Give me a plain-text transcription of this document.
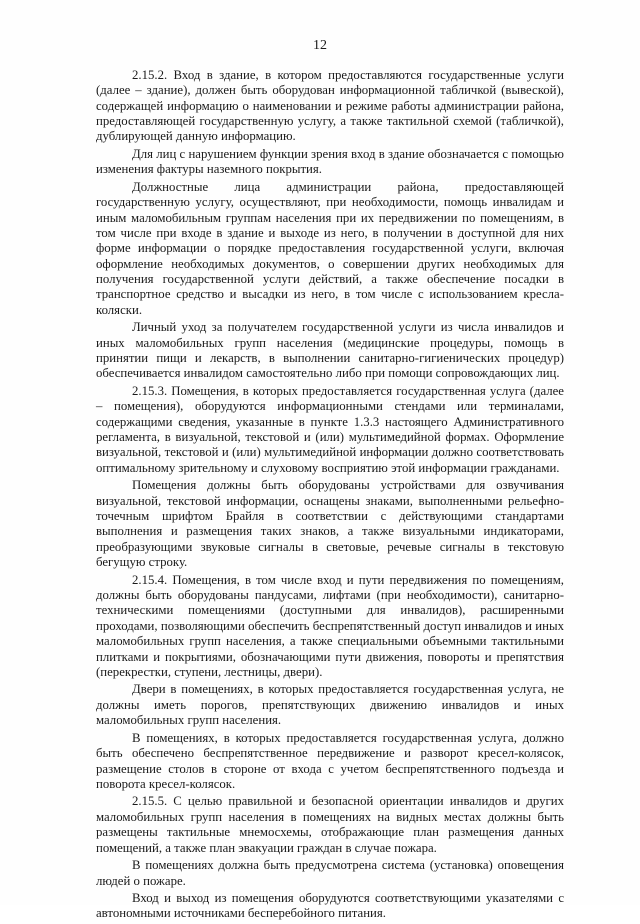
12

2.15.2. Вход в здание, в котором предоставляются государственные услуги (далее – здание), должен быть оборудован информационной табличкой (вывеской), содержащей информацию о наименовании и режиме работы администрации района, предоставляющей государственную услугу, а также тактильной схемой (табличкой), дублирующей данную информацию.

Для лиц с нарушением функции зрения вход в здание обозначается с помощью изменения фактуры наземного покрытия.

Должностные лица администрации района, предоставляющей государственную услугу, осуществляют, при необходимости, помощь инвалидам и иным маломобильным группам населения при их передвижении по помещениям, в том числе при входе в здание и выходе из него, в получении в доступной для них форме информации о порядке предоставления государственной услуги, включая оформление необходимых документов, о совершении других необходимых для получения государственной услуги действий, а также обеспечение посадки в транспортное средство и высадки из него, в том числе с использованием кресла-коляски.

Личный уход за получателем государственной услуги из числа инвалидов и иных маломобильных групп населения (медицинские процедуры, помощь в принятии пищи и лекарств, в выполнении санитарно-гигиенических процедур) обеспечивается инвалидом самостоятельно либо при помощи сопровождающих лиц.

2.15.3. Помещения, в которых предоставляется государственная услуга (далее – помещения), оборудуются информационными стендами или терминалами, содержащими сведения, указанные в пункте 1.3.3 настоящего Административного регламента, в визуальной, текстовой и (или) мультимедийной формах. Оформление визуальной, текстовой и (или) мультимедийной информации должно соответствовать оптимальному зрительному и слуховому восприятию этой информации гражданами.

Помещения должны быть оборудованы устройствами для озвучивания визуальной, текстовой информации, оснащены знаками, выполненными рельефно-точечным шрифтом Брайля в соответствии с действующими стандартами выполнения и размещения таких знаков, а также визуальными индикаторами, преобразующими звуковые сигналы в световые, речевые сигналы в текстовую бегущую строку.

2.15.4. Помещения, в том числе вход и пути передвижения по помещениям, должны быть оборудованы пандусами, лифтами (при необходимости), санитарно-техническими помещениями (доступными для инвалидов), расширенными проходами, позволяющими обеспечить беспрепятственный доступ инвалидов и иных маломобильных групп населения, а также специальными объемными тактильными плитками и покрытиями, обозначающими пути движения, повороты и препятствия (перекрестки, ступени, лестницы, двери).

Двери в помещениях, в которых предоставляется государственная услуга, не должны иметь порогов, препятствующих движению инвалидов и иных маломобильных групп населения.

В помещениях, в которых предоставляется государственная услуга, должно быть обеспечено беспрепятственное передвижение и разворот кресел-колясок, размещение столов в стороне от входа с учетом беспрепятственного подъезда и поворота кресел-колясок.

2.15.5. С целью правильной и безопасной ориентации инвалидов и других маломобильных групп населения в помещениях на видных местах должны быть размещены тактильные мнемосхемы, отображающие план размещения данных помещений, а также план эвакуации граждан в случае пожара.

В помещениях должна быть предусмотрена система (установка) оповещения людей о пожаре.

Вход и выход из помещения оборудуются соответствующими указателями с автономными источниками бесперебойного питания.
